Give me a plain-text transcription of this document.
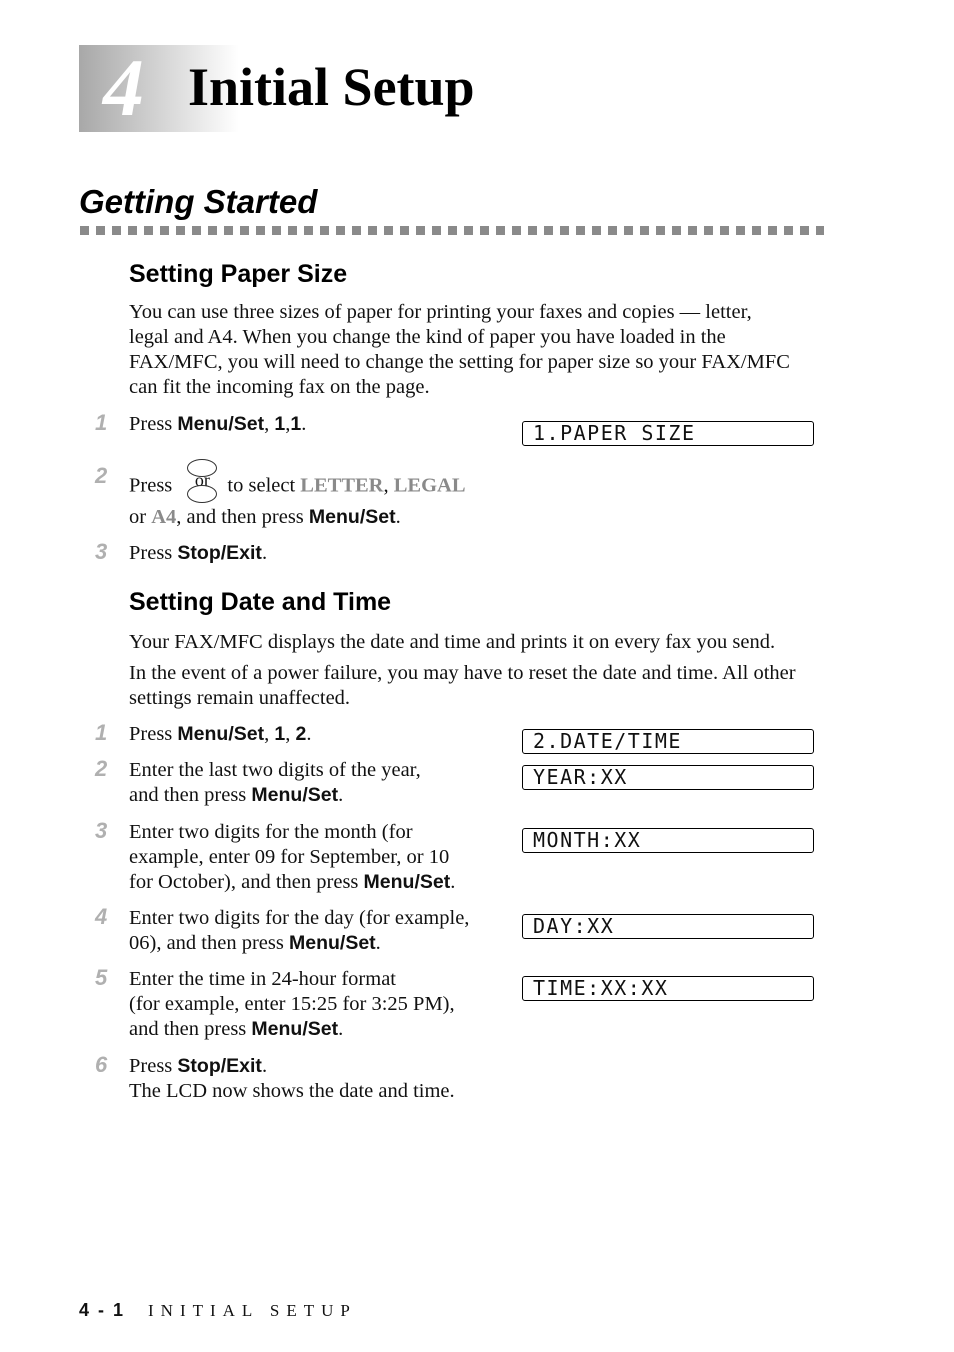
4 Initial Setup
Getting Started
Setting Paper Size
You can use three sizes of paper for printing your faxes and copies — letter,
legal and A4. When you change the kind of paper you have loaded in the
FAX/MFC, you will need to change the setting for paper size so your FAX/MFC
can fit the incoming fax on the page.
1 Press Menu/Set, 1,1.	1.PAPER SIZE
2 Press or to select LETTER, LEGAL
or A4, and then press Menu/Set.
3 Press Stop/Exit.
Setting Date and Time
Your FAX/MFC displays the date and time and prints it on every fax you send.
In the event of a power failure, you may have to reset the date and time. All other
settings remain unaffected.
1 Press Menu/Set, 1, 2.	2.DATE/TIME
2 Enter the last two digits of the year,
and then press Menu/Set.
YEAR:XX
3 Enter two digits for the month (for
example, enter 09 for September, or 10
for October), and then press Menu/Set.
MONTH:XX
4 Enter two digits for the day (for example,
06), and then press Menu/Set.
DAY:XX
5 Enter the time in 24-hour format
(for example, enter 15:25 for 3:25 PM),
and then press Menu/Set.
TIME:XX:XX
6 Press Stop/Exit.
The LCD now shows the date and time.
4 - 1 INITIAL SETUP
